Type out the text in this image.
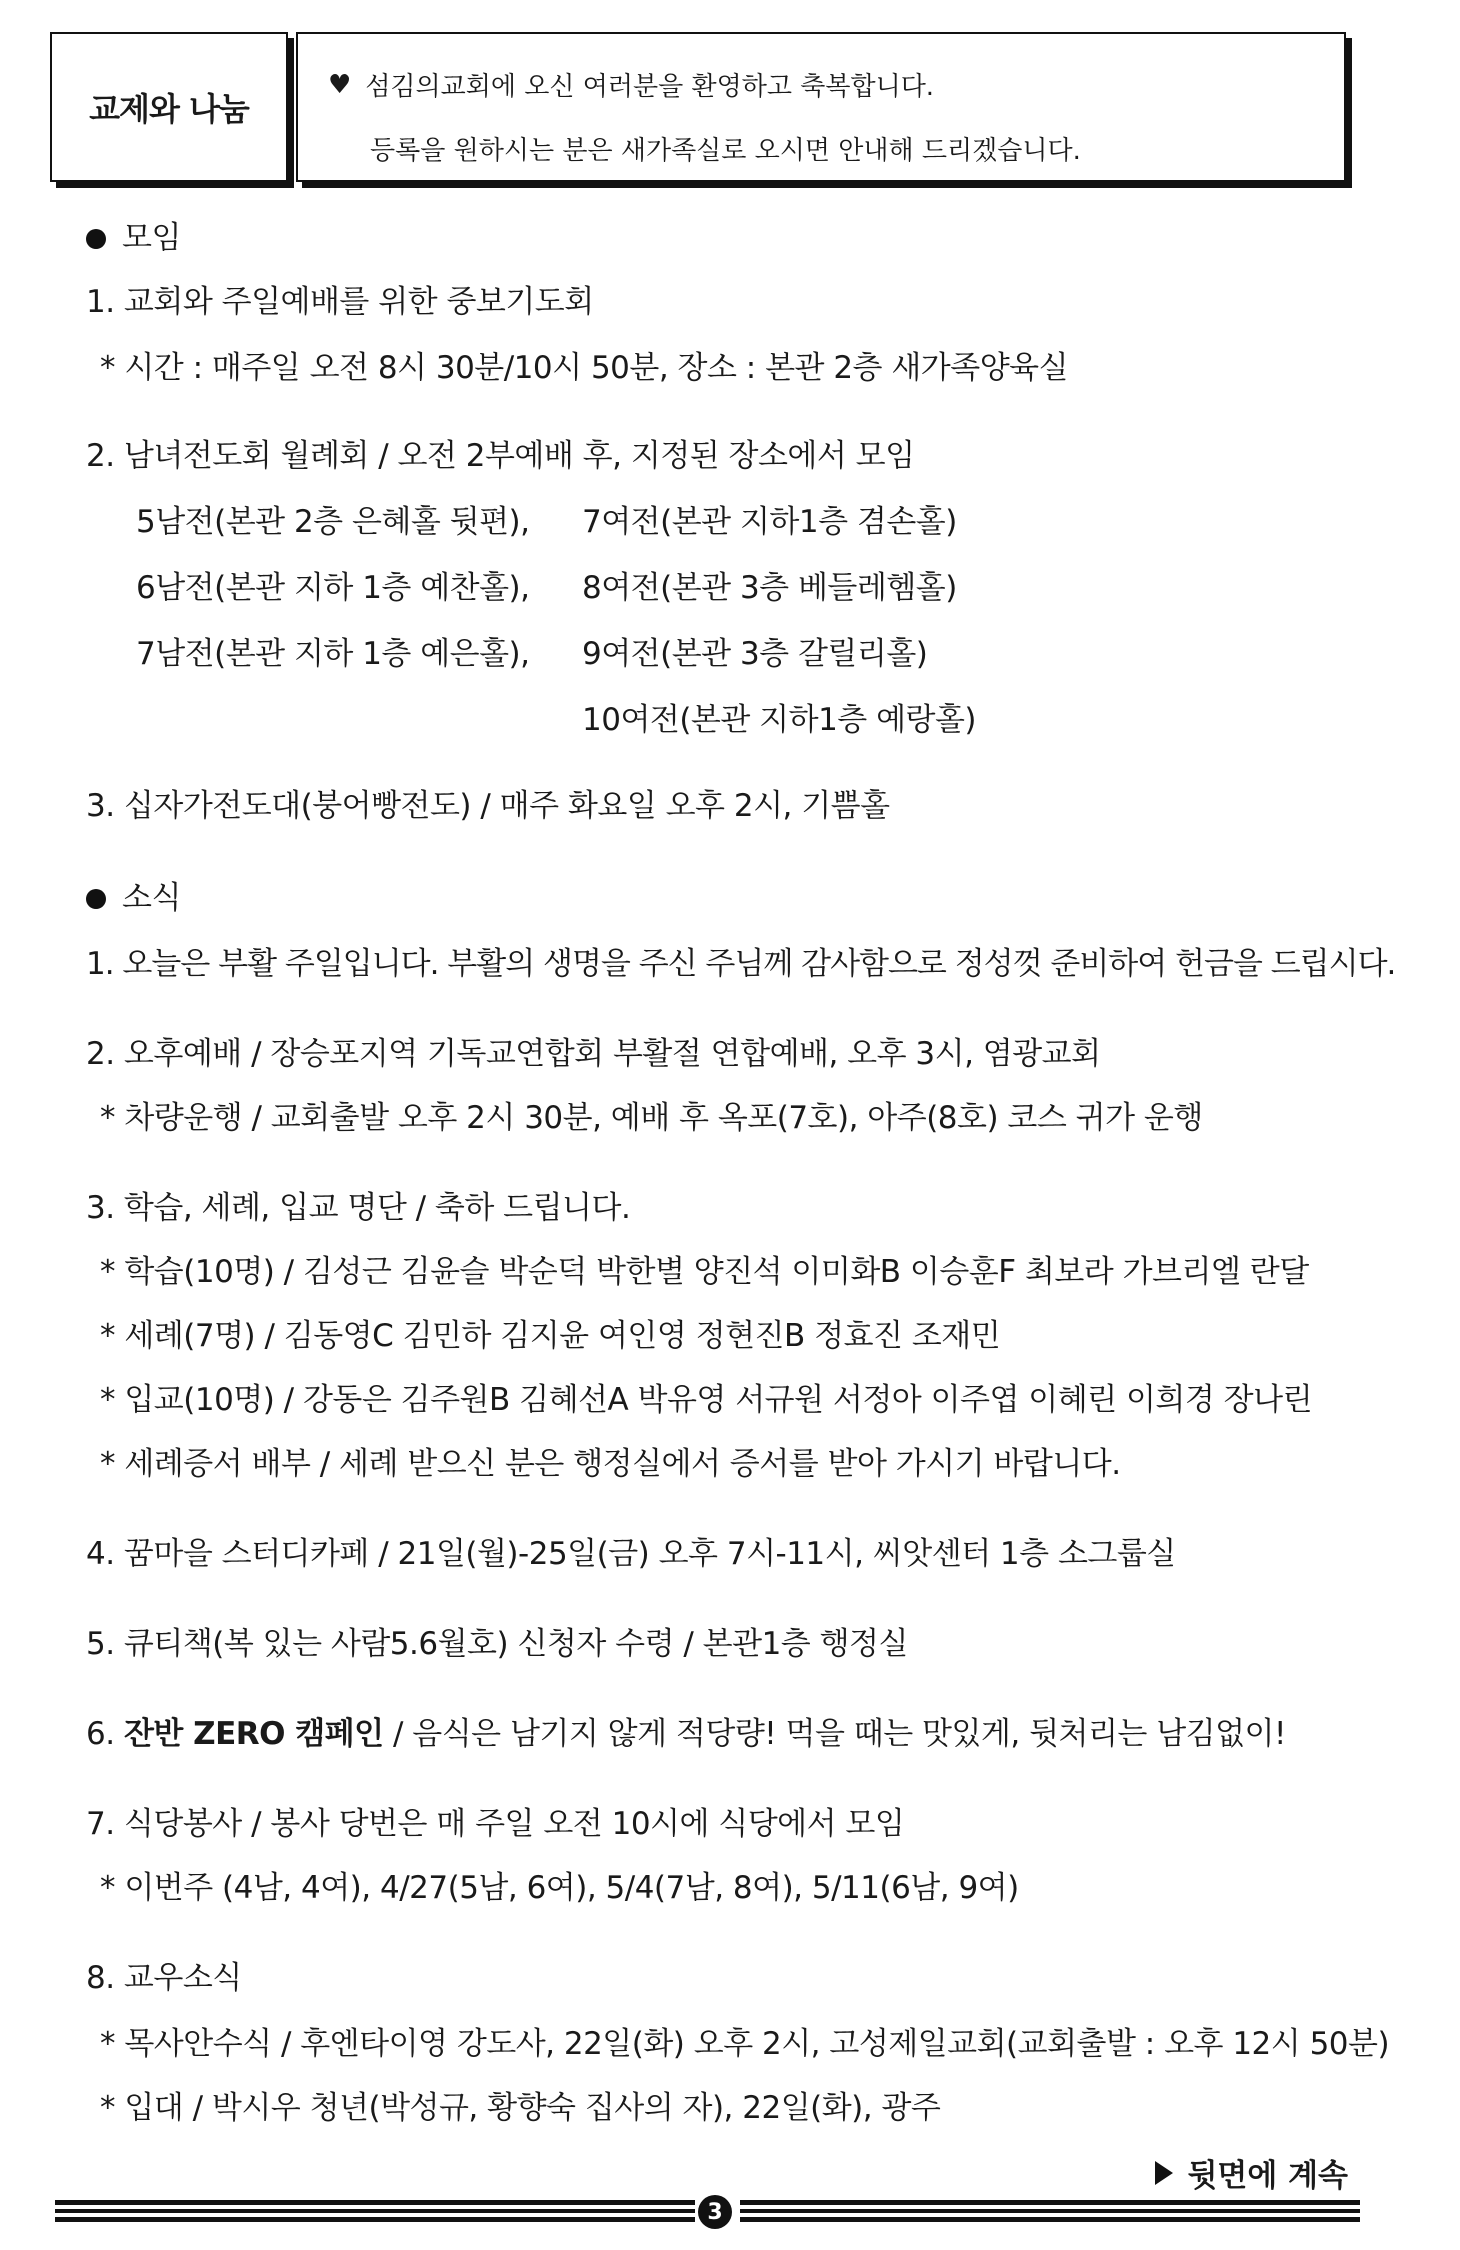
교제와 나눔
♥ 섬김의교회에 오신 여러분을 환영하고 축복합니다.
등록을 원하시는 분은 새가족실로 오시면 안내해 드리겠습니다.
모임
1. 교회와 주일예배를 위한 중보기도회
* 시간 : 매주일 오전 8시 30분/10시 50분, 장소 : 본관 2층 새가족양육실
2. 남녀전도회 월례회 / 오전 2부예배 후, 지정된 장소에서 모임
5남전(본관 2층 은혜홀 뒷편), 7여전(본관 지하1층 겸손홀)
6남전(본관 지하 1층 예찬홀), 8여전(본관 3층 베들레헴홀)
7남전(본관 지하 1층 예은홀), 9여전(본관 3층 갈릴리홀)
10여전(본관 지하1층 예랑홀)
3. 십자가전도대(붕어빵전도) / 매주 화요일 오후 2시, 기쁨홀
소식
1. 오늘은 부활 주일입니다. 부활의 생명을 주신 주님께 감사함으로 정성껏 준비하여 헌금을 드립시다.
2. 오후예배 / 장승포지역 기독교연합회 부활절 연합예배, 오후 3시, 염광교회
* 차량운행 / 교회출발 오후 2시 30분, 예배 후 옥포(7호), 아주(8호) 코스 귀가 운행
3. 학습, 세례, 입교 명단 / 축하 드립니다.
* 학습(10명) / 김성근 김윤슬 박순덕 박한별 양진석 이미화B 이승훈F 최보라 가브리엘 란달
* 세례(7명) / 김동영C 김민하 김지윤 여인영 정현진B 정효진 조재민
* 입교(10명) / 강동은 김주원B 김혜선A 박유영 서규원 서정아 이주엽 이혜린 이희경 장나린
* 세례증서 배부 / 세례 받으신 분은 행정실에서 증서를 받아 가시기 바랍니다.
4. 꿈마을 스터디카페 / 21일(월)-25일(금) 오후 7시-11시, 씨앗센터 1층 소그룹실
5. 큐티책(복 있는 사람5.6월호) 신청자 수령 / 본관1층 행정실
6. 잔반 ZERO 캠페인 / 음식은 남기지 않게 적당량! 먹을 때는 맛있게, 뒷처리는 남김없이!
7. 식당봉사 / 봉사 당번은 매 주일 오전 10시에 식당에서 모임
* 이번주 (4남, 4여), 4/27(5남, 6여), 5/4(7남, 8여), 5/11(6남, 9여)
8. 교우소식
* 목사안수식 / 후엔타이영 강도사, 22일(화) 오후 2시, 고성제일교회(교회출발 : 오후 12시 50분)
* 입대 / 박시우 청년(박성규, 황향숙 집사의 자), 22일(화), 광주
뒷면에 계속
3
